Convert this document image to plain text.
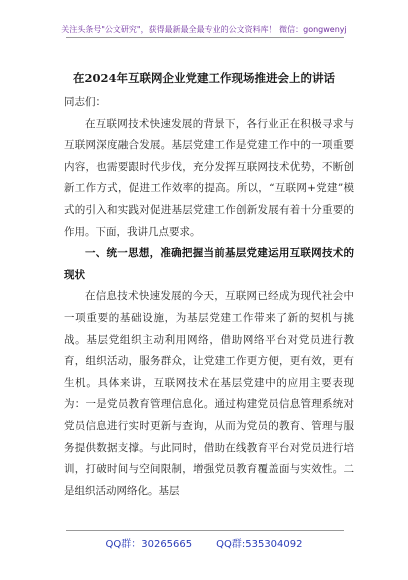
关注头条号"公文研究"，获得最新最全最专业的公文资料库！ 微信：gongwenyj
在2024年互联网企业党建工作现场推进会上的讲话

同志们：

在互联网技术快速发展的背景下，各行业正在积极寻求与互联网深度融合发展。基层党建工作是党建工作中的一项重要内容，也需要跟时代步伐，充分发挥互联网技术优势，不断创新工作方式，促进工作效率的提高。所以，“互联网+党建”模式的引入和实践对促进基层党建工作创新发展有着十分重要的作用。下面，我讲几点要求。

一、统一思想，准确把握当前基层党建运用互联网技术的现状

在信息技术快速发展的今天，互联网已经成为现代社会中一项重要的基础设施，为基层党建工作带来了新的契机与挑战。基层党组织主动利用网络，借助网络平台对党员进行教育，组织活动，服务群众，让党建工作更方便，更有效，更有生机。具体来讲，互联网技术在基层党建中的应用主要表现为：一是党员教育管理信息化。通过构建党员信息管理系统对党员信息进行实时更新与查询，从而为党员的教育、管理与服务提供数据支撑。与此同时，借助在线教育平台对党员进行培训，打破时间与空间限制，增强党员教育覆盖面与实效性。二是组织活动网络化。基层

QQ群：30265665 QQ群:535304092
